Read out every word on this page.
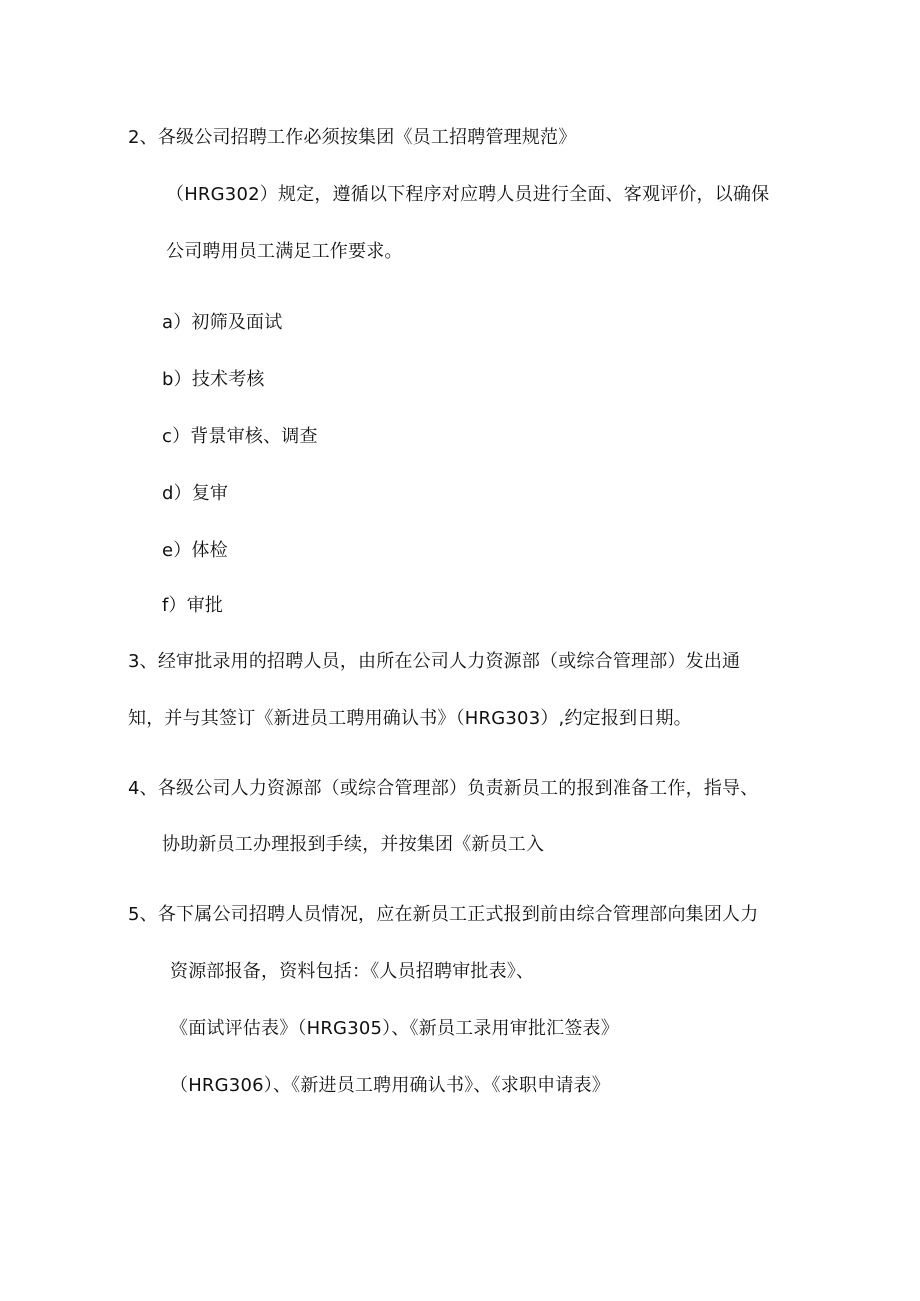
2、各级公司招聘工作必须按集团《员工招聘管理规范》
（HRG302）规定，遵循以下程序对应聘人员进行全面、客观评价，以确保
公司聘用员工满足工作要求。
a）初筛及面试
b）技术考核
c）背景审核、调查
d）复审
e）体检
f）审批
3、经审批录用的招聘人员，由所在公司人力资源部（或综合管理部）发出通
知，并与其签订《新进员工聘用确认书》（HRG303）,约定报到日期。
4、各级公司人力资源部（或综合管理部）负责新员工的报到准备工作，指导、
协助新员工办理报到手续，并按集团《新员工入
5、各下属公司招聘人员情况，应在新员工正式报到前由综合管理部向集团人力
资源部报备，资料包括：《人员招聘审批表》、
《面试评估表》（HRG305）、《新员工录用审批汇签表》
（HRG306）、《新进员工聘用确认书》、《求职申请表》
